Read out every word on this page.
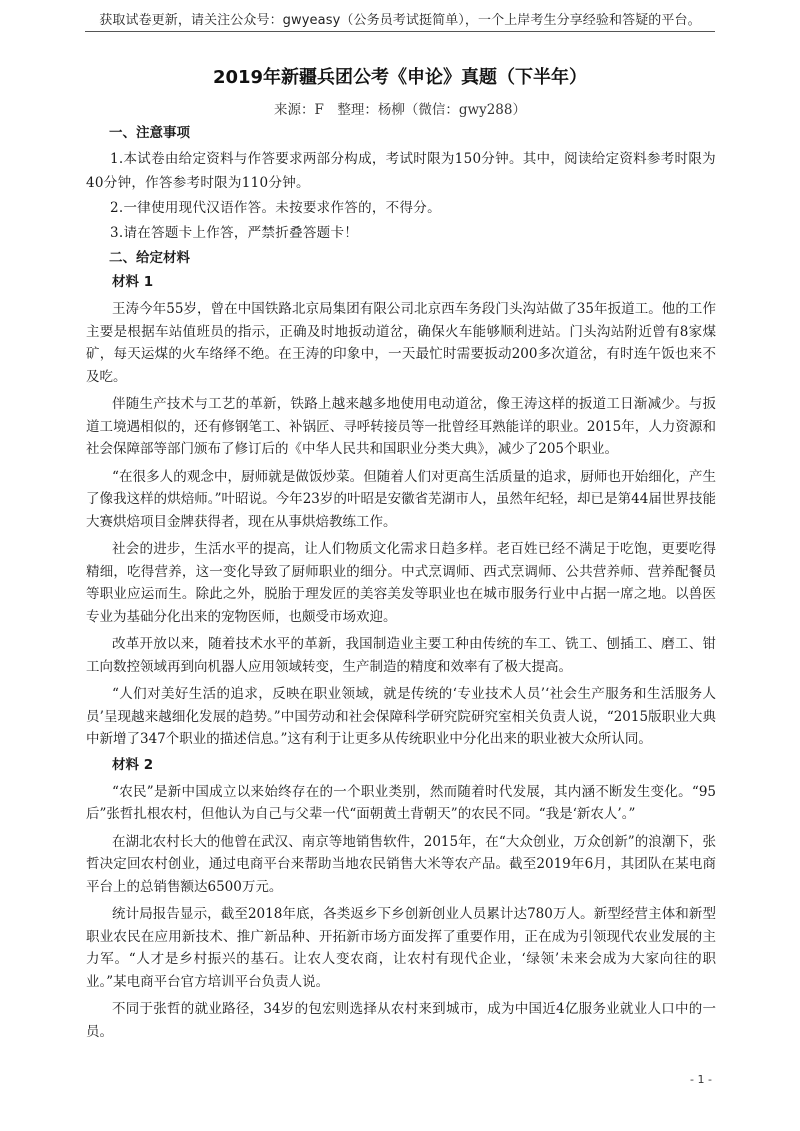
获取试卷更新，请关注公众号：gwyeasy（公务员考试挺简单），一个上岸考生分享经验和答疑的平台。
2019年新疆兵团公考《申论》真题（下半年）
来源：F　整理：杨柳（微信：gwy288）
一、注意事项

1.本试卷由给定资料与作答要求两部分构成，考试时限为150分钟。其中，阅读给定资料参考时限为40分钟，作答参考时限为110分钟。

2.一律使用现代汉语作答。未按要求作答的，不得分。

3.请在答题卡上作答，严禁折叠答题卡！

二、给定材料
材料 1

王涛今年55岁，曾在中国铁路北京局集团有限公司北京西车务段门头沟站做了35年扳道工。他的工作主要是根据车站值班员的指示，正确及时地扳动道岔，确保火车能够顺利进站。门头沟站附近曾有8家煤矿，每天运煤的火车络绎不绝。在王涛的印象中，一天最忙时需要扳动200多次道岔，有时连午饭也来不及吃。

伴随生产技术与工艺的革新，铁路上越来越多地使用电动道岔，像王涛这样的扳道工日渐减少。与扳道工境遇相似的，还有修钢笔工、补锅匠、寻呼转接员等一批曾经耳熟能详的职业。2015年，人力资源和社会保障部等部门颁布了修订后的《中华人民共和国职业分类大典》，减少了205个职业。

“在很多人的观念中，厨师就是做饭炒菜。但随着人们对更高生活质量的追求，厨师也开始细化，产生了像我这样的烘焙师。”叶昭说。今年23岁的叶昭是安徽省芜湖市人，虽然年纪轻，却已是第44届世界技能大赛烘焙项目金牌获得者，现在从事烘焙教练工作。

社会的进步，生活水平的提高，让人们物质文化需求日趋多样。老百姓已经不满足于吃饱，更要吃得精细，吃得营养，这一变化导致了厨师职业的细分。中式烹调师、西式烹调师、公共营养师、营养配餐员等职业应运而生。除此之外，脱胎于理发匠的美容美发等职业也在城市服务行业中占据一席之地。以兽医专业为基础分化出来的宠物医师，也颇受市场欢迎。

改革开放以来，随着技术水平的革新，我国制造业主要工种由传统的车工、铣工、刨插工、磨工、钳工向数控领域再到向机器人应用领域转变，生产制造的精度和效率有了极大提高。

“人们对美好生活的追求，反映在职业领域，就是传统的‘专业技术人员’‘社会生产服务和生活服务人员’呈现越来越细化发展的趋势。”中国劳动和社会保障科学研究院研究室相关负责人说，“2015版职业大典中新增了347个职业的描述信息。”这有利于让更多从传统职业中分化出来的职业被大众所认同。

材料 2

“农民”是新中国成立以来始终存在的一个职业类别，然而随着时代发展，其内涵不断发生变化。“95后”张哲扎根农村，但他认为自己与父辈一代“面朝黄土背朝天”的农民不同。“我是‘新农人’。”

在湖北农村长大的他曾在武汉、南京等地销售软件，2015年，在“大众创业，万众创新”的浪潮下，张哲决定回农村创业，通过电商平台来帮助当地农民销售大米等农产品。截至2019年6月，其团队在某电商平台上的总销售额达6500万元。

统计局报告显示，截至2018年底，各类返乡下乡创新创业人员累计达780万人。新型经营主体和新型职业农民在应用新技术、推广新品种、开拓新市场方面发挥了重要作用，正在成为引领现代农业发展的主力军。“人才是乡村振兴的基石。让农人变农商，让农村有现代企业，‘绿领’未来会成为大家向往的职业。”某电商平台官方培训平台负责人说。

不同于张哲的就业路径，34岁的包宏则选择从农村来到城市，成为中国近4亿服务业就业人口中的一员。

- 1 -
